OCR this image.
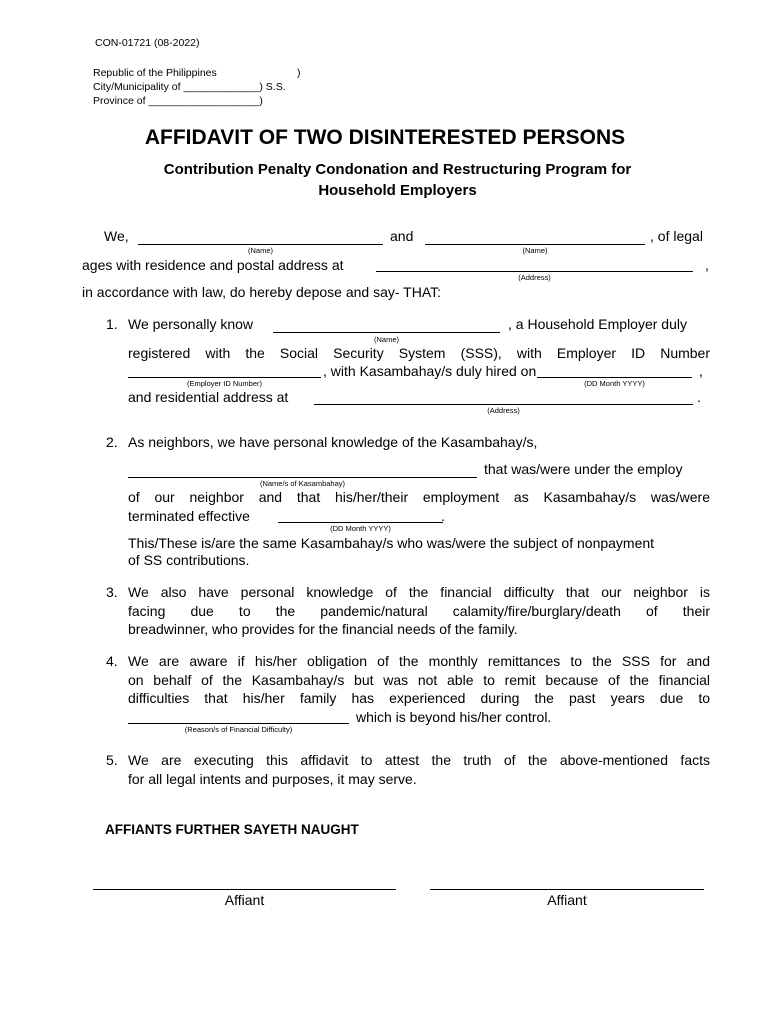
CON-01721 (08-2022)
Republic of the Philippines	)
City/Municipality of _____________) S.S.
Province of ___________________)
AFFIDAVIT OF TWO DISINTERESTED PERSONS
Contribution Penalty Condonation and Restructuring Program for
Household Employers
We,
(Name)
and
(Name)
, of legal
ages with residence and postal address at
(Address)
,
in accordance with law, do hereby depose and say- THAT:
1. We personally know
(Name)
, a Household Employer duly
registered with the Social Security System (SSS), with Employer ID Number
(Employer ID Number)
, with Kasambahay/s duly hired on
(DD Month YYYY)
,
and residential address at
(Address)
.
2. As neighbors, we have personal knowledge of the Kasambahay/s,
(Name/s of Kasambahay)
that was/were under the employ
of our neighbor and that his/her/their employment as Kasambahay/s was/were
terminated effective
(DD Month YYYY)
.
This/These is/are the same Kasambahay/s who was/were the subject of nonpayment
of SS contributions.
3. We also have personal knowledge of the financial difficulty that our neighbor is
facing due to the pandemic/natural calamity/fire/burglary/death of their
breadwinner, who provides for the financial needs of the family.
4. We are aware if his/her obligation of the monthly remittances to the SSS for and
on behalf of the Kasambahay/s but was not able to remit because of the financial
difficulties that his/her family has experienced during the past years due to
(Reason/s of Financial Difficulty)
which is beyond his/her control.
5. We are executing this affidavit to attest the truth of the above-mentioned facts
for all legal intents and purposes, it may serve.
AFFIANTS FURTHER SAYETH NAUGHT
Affiant	Affiant
